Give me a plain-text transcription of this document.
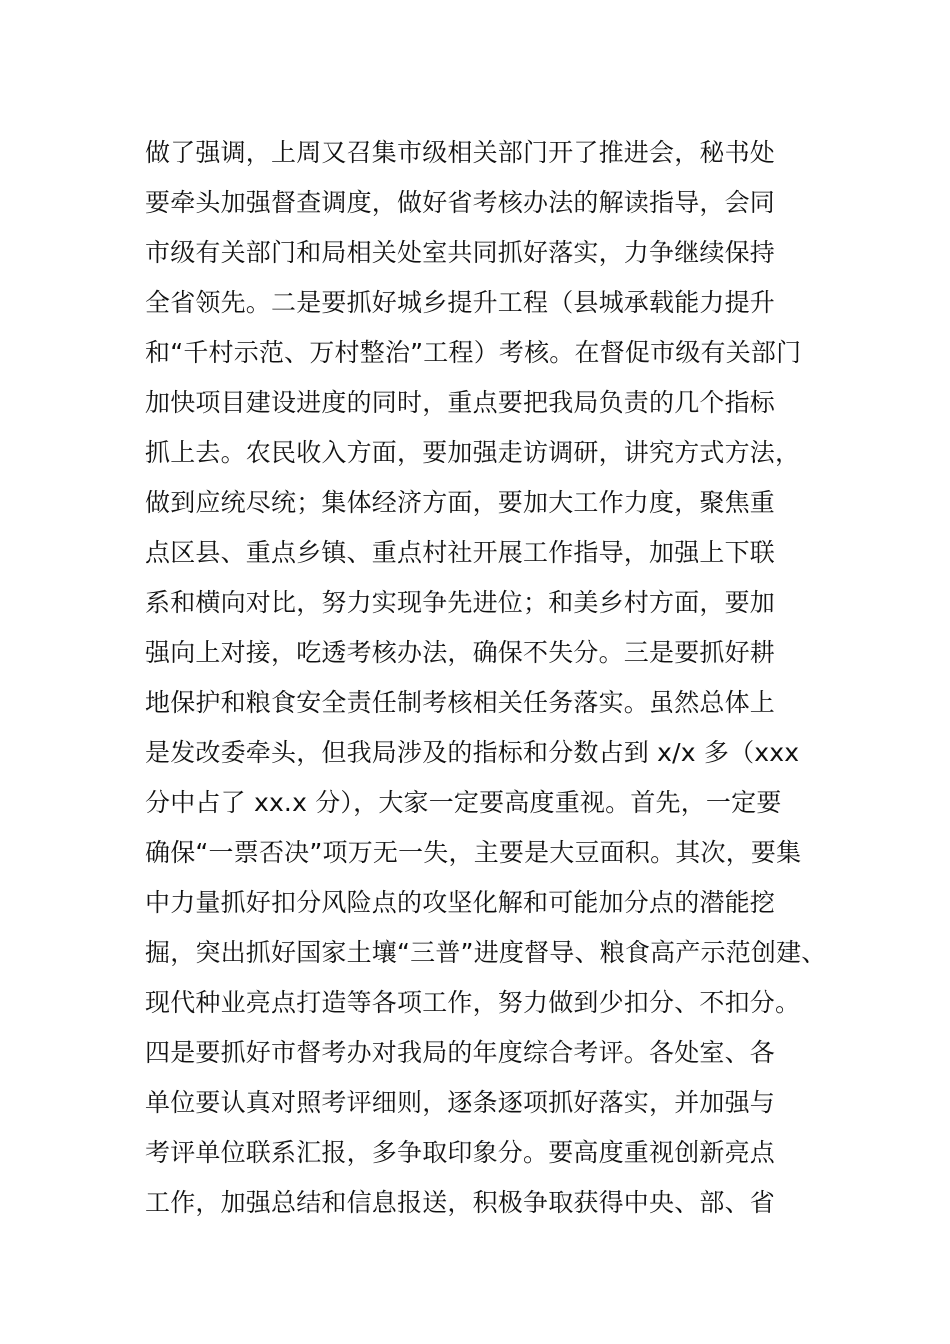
做了强调，上周又召集市级相关部门开了推进会，秘书处
要牵头加强督查调度，做好省考核办法的解读指导，会同
市级有关部门和局相关处室共同抓好落实，力争继续保持
全省领先。二是要抓好城乡提升工程（县城承载能力提升
和“千村示范、万村整治”工程）考核。在督促市级有关部门
加快项目建设进度的同时，重点要把我局负责的几个指标
抓上去。农民收入方面，要加强走访调研，讲究方式方法，
做到应统尽统；集体经济方面，要加大工作力度，聚焦重
点区县、重点乡镇、重点村社开展工作指导，加强上下联
系和横向对比，努力实现争先进位；和美乡村方面，要加
强向上对接，吃透考核办法，确保不失分。三是要抓好耕
地保护和粮食安全责任制考核相关任务落实。虽然总体上
是发改委牵头，但我局涉及的指标和分数占到 x/x 多（xxx
分中占了 xx.x 分），大家一定要高度重视。首先，一定要
确保“一票否决”项万无一失，主要是大豆面积。其次，要集
中力量抓好扣分风险点的攻坚化解和可能加分点的潜能挖
掘，突出抓好国家土壤“三普”进度督导、粮食高产示范创建、
现代种业亮点打造等各项工作，努力做到少扣分、不扣分。
四是要抓好市督考办对我局的年度综合考评。各处室、各
单位要认真对照考评细则，逐条逐项抓好落实，并加强与
考评单位联系汇报，多争取印象分。要高度重视创新亮点
工作，加强总结和信息报送，积极争取获得中央、部、省
